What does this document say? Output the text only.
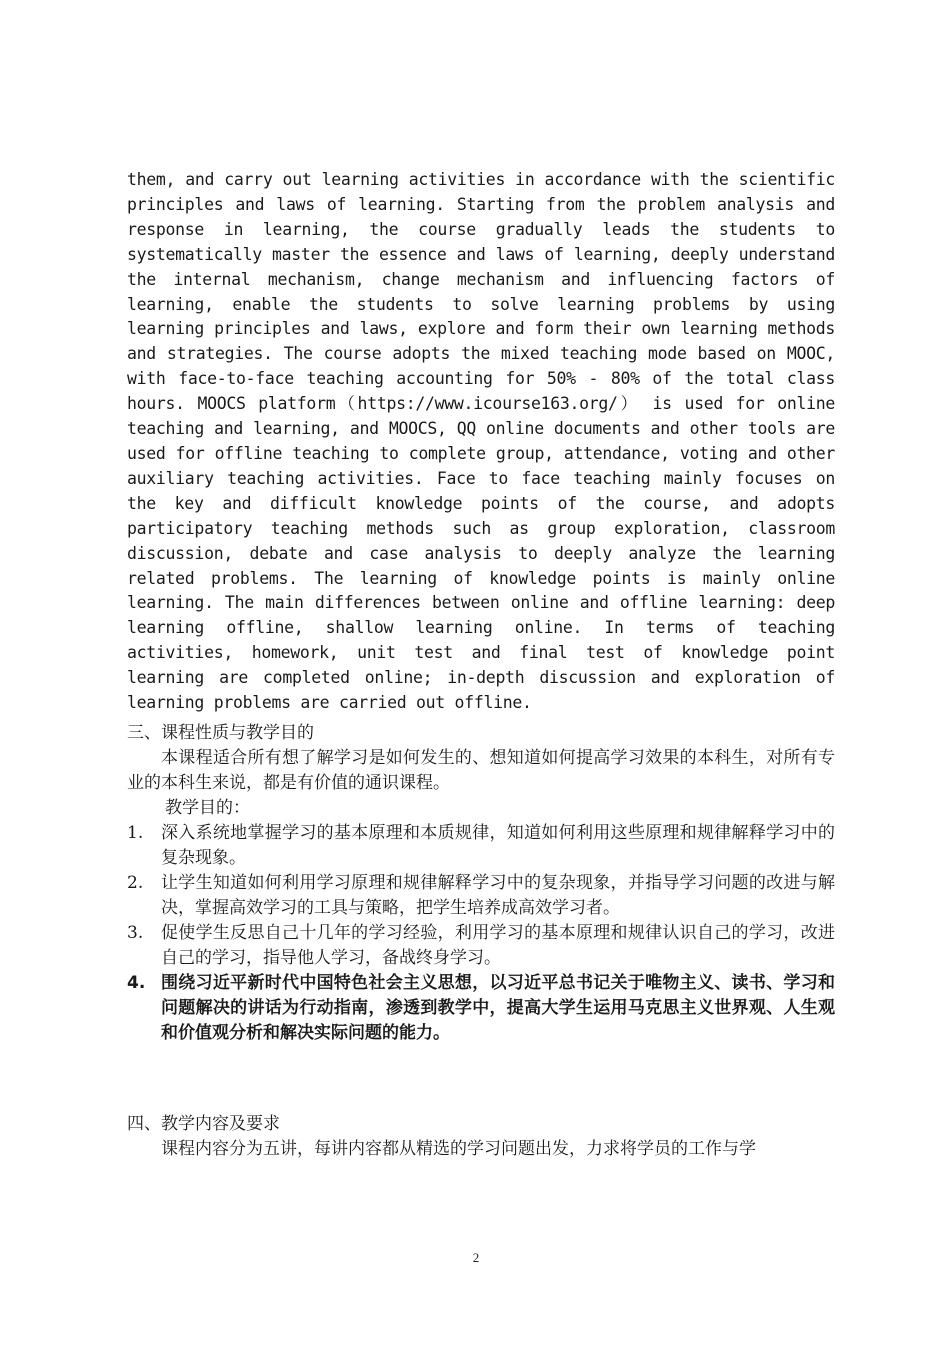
them, and carry out learning activities in accordance with the scientific principles and laws of learning. Starting from the problem analysis and response in learning, the course gradually leads the students to systematically master the essence and laws of learning, deeply understand the internal mechanism, change mechanism and influencing factors of learning, enable the students to solve learning problems by using learning principles and laws, explore and form their own learning methods and strategies. The course adopts the mixed teaching mode based on MOOC, with face-to-face teaching accounting for 50% - 80% of the total class hours. MOOCS platform（https://www.icourse163.org/） is used for online teaching and learning, and MOOCS, QQ online documents and other tools are used for offline teaching to complete group, attendance, voting and other auxiliary teaching activities. Face to face teaching mainly focuses on the key and difficult knowledge points of the course, and adopts participatory teaching methods such as group exploration, classroom discussion, debate and case analysis to deeply analyze the learning related problems. The learning of knowledge points is mainly online learning. The main differences between online and offline learning: deep learning offline, shallow learning online. In terms of teaching activities, homework, unit test and final test of knowledge point learning are completed online; in-depth discussion and exploration of learning problems are carried out offline.

三、课程性质与教学目的

本课程适合所有想了解学习是如何发生的、想知道如何提高学习效果的本科生，对所有专业的本科生来说，都是有价值的通识课程。

教学目的：

1. 深入系统地掌握学习的基本原理和本质规律，知道如何利用这些原理和规律解释学习中的复杂现象。
2. 让学生知道如何利用学习原理和规律解释学习中的复杂现象，并指导学习问题的改进与解决，掌握高效学习的工具与策略，把学生培养成高效学习者。
3. 促使学生反思自己十几年的学习经验，利用学习的基本原理和规律认识自己的学习，改进自己的学习，指导他人学习，备战终身学习。
4. 围绕习近平新时代中国特色社会主义思想，以习近平总书记关于唯物主义、读书、学习和问题解决的讲话为行动指南，渗透到教学中，提高大学生运用马克思主义世界观、人生观和价值观分析和解决实际问题的能力。

四、教学内容及要求

课程内容分为五讲，每讲内容都从精选的学习问题出发，力求将学员的工作与学

2
